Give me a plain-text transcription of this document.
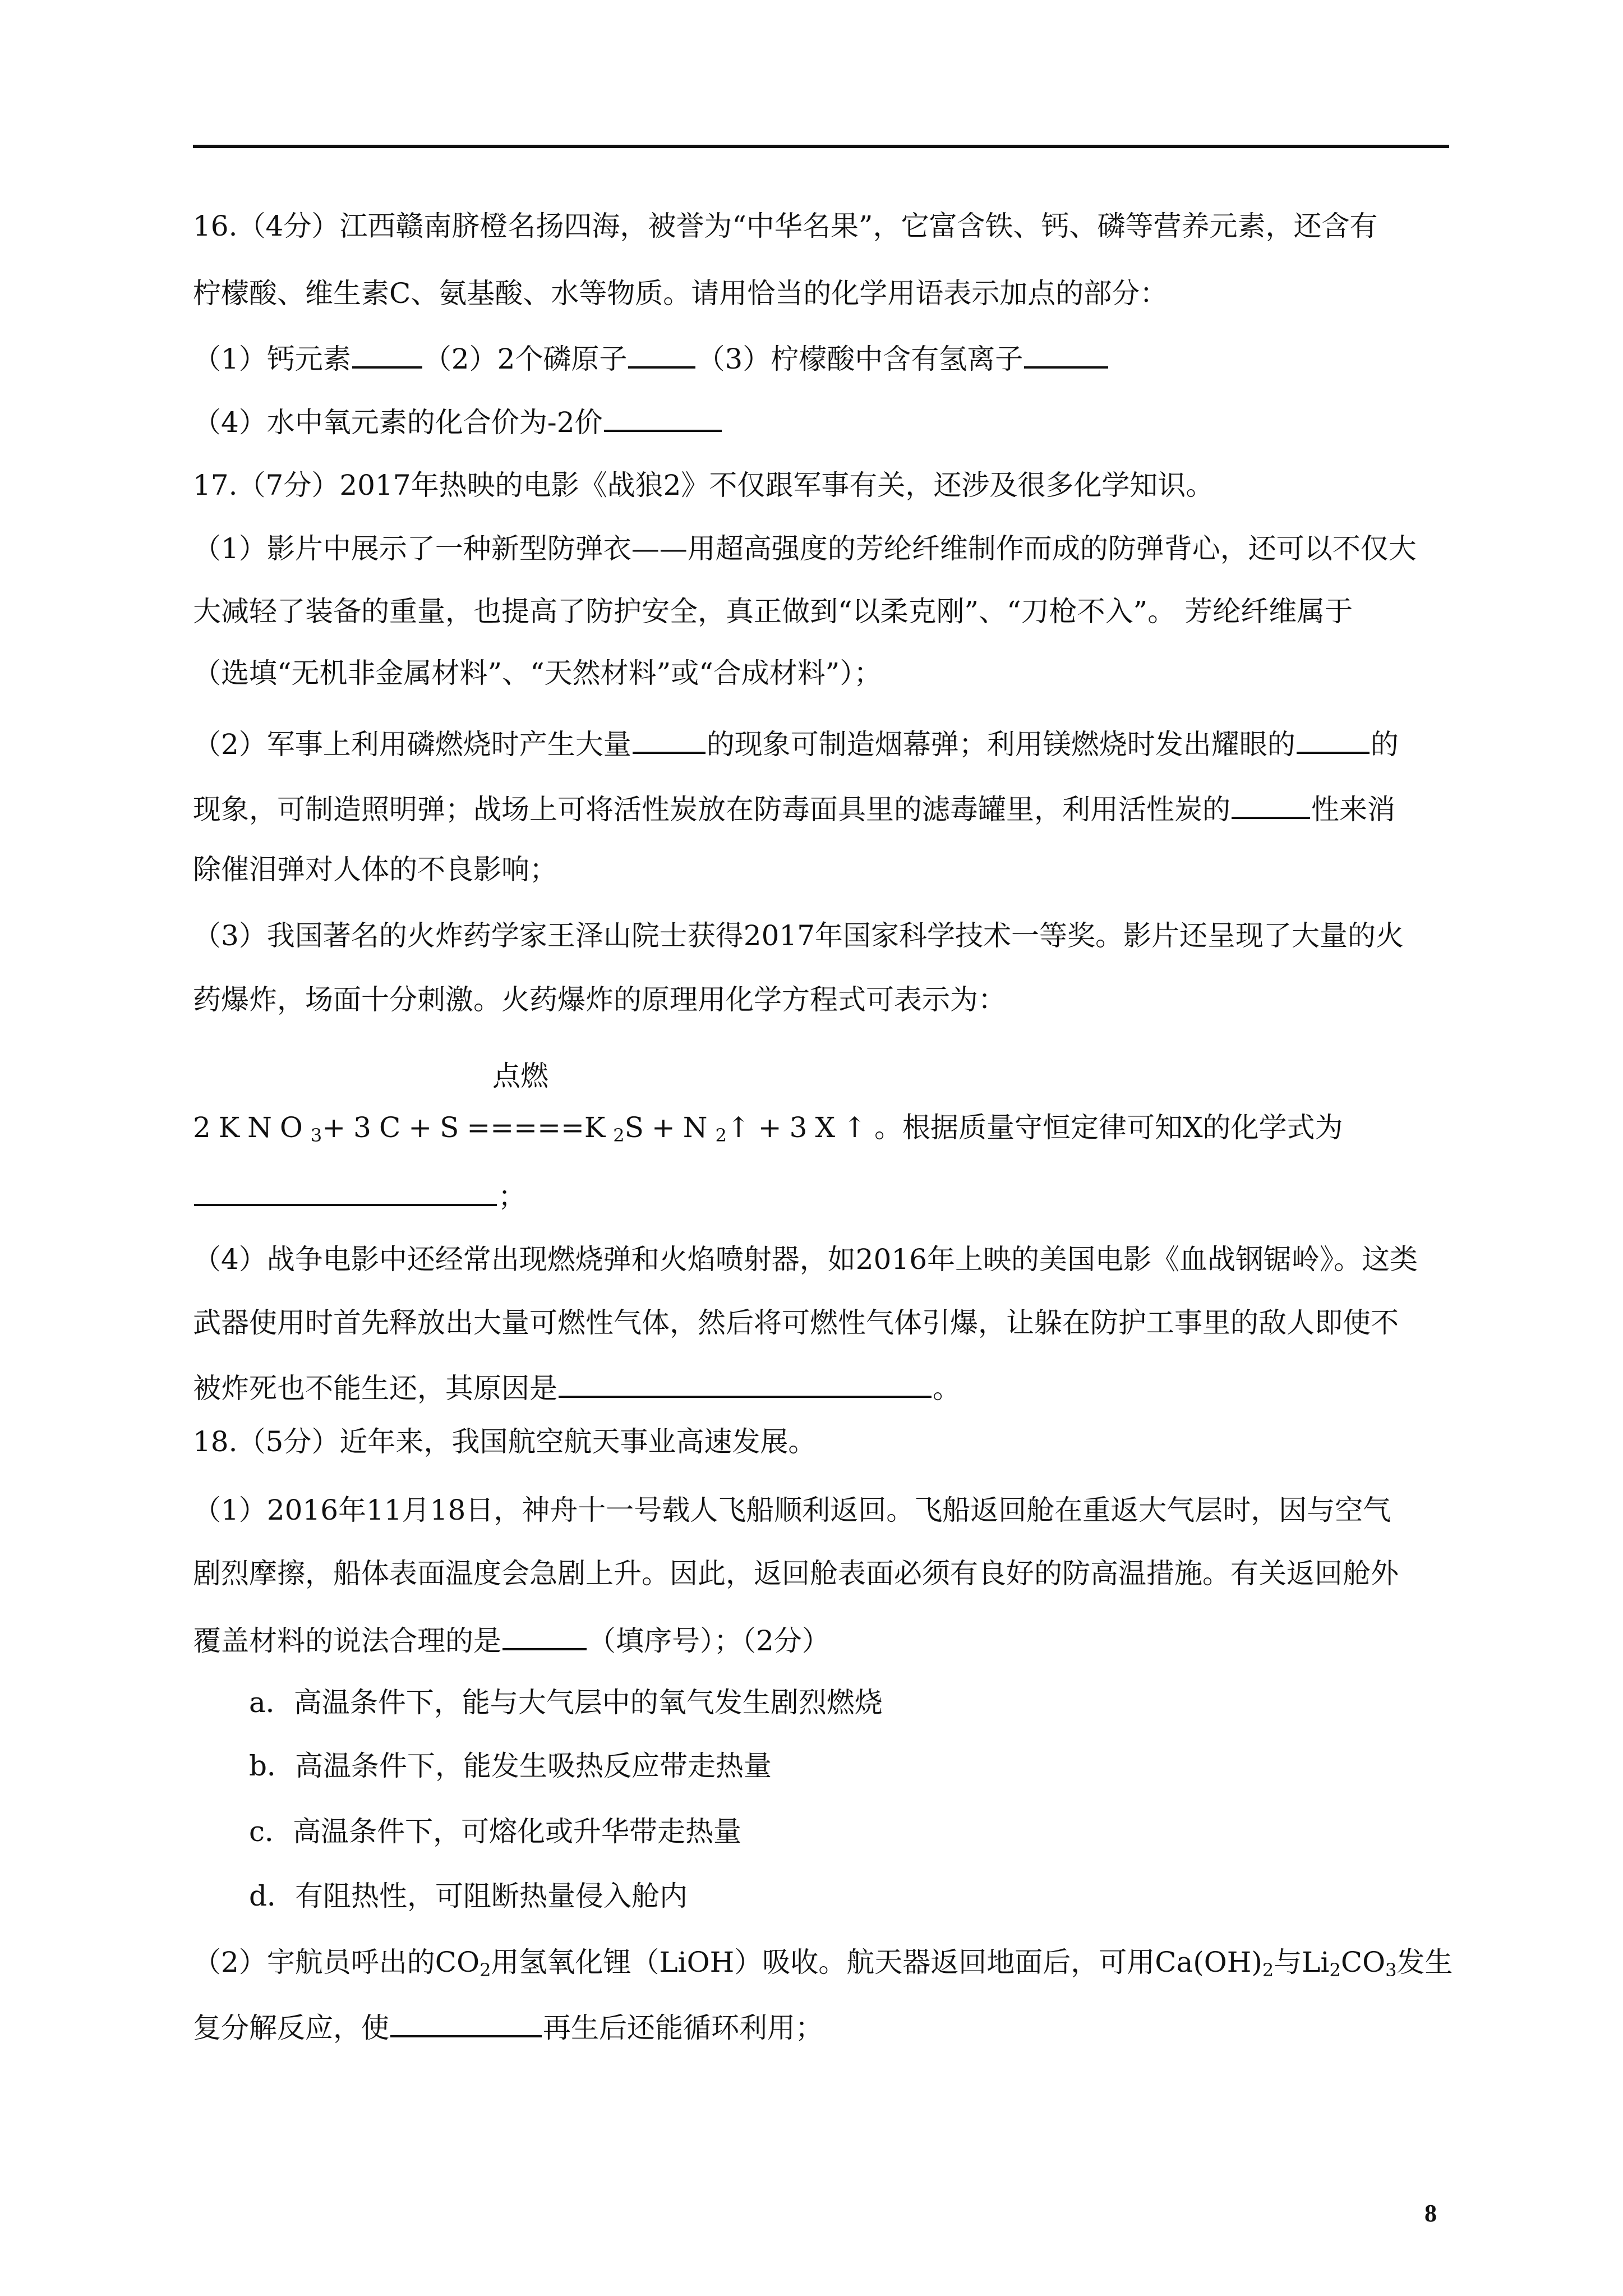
16.（4分）江西赣南脐橙名扬四海，被誉为“中华名果”，它富含铁、钙、磷等营养元素，还含有
柠檬酸、维生素C、氨基酸、水等物质。请用恰当的化学用语表示加点的部分：
（1）钙元素	（2）2个磷原子 （3）柠檬酸中含有氢离子
（4）水中氧元素的化合价为-2价
17.（7分）2017年热映的电影《战狼2》不仅跟军事有关，还涉及很多化学知识。
（1）影片中展示了一种新型防弹衣——用超高强度的芳纶纤维制作而成的防弹背心，还可以不仅大
大减轻了装备的重量，也提高了防护安全，真正做到“以柔克刚”、“刀枪不入”。 芳纶纤维属于
（选填“无机非金属材料”、“天然材料”或“合成材料”）；
（2）军事上利用磷燃烧时产生大量	的现象可制造烟幕弹；利用镁燃烧时发出耀眼的	的
现象，可制造照明弹；战场上可将活性炭放在防毒面具里的滤毒罐里，利用活性炭的	性来消
除催泪弹对人体的不良影响；
（3）我国著名的火炸药学家王泽山院士获得2017年国家科学技术一等奖。影片还呈现了大量的火
药爆炸，场面十分刺激。火药爆炸的原理用化学方程式可表示为：
点燃
$2KNO_3+3C+S=====K_2S+N_2↑+3X↑$。根据质量守恒定律可知X的化学式为
；
（4）战争电影中还经常出现燃烧弹和火焰喷射器，如2016年上映的美国电影《血战钢锯岭》。这类
武器使用时首先释放出大量可燃性气体，然后将可燃性气体引爆，让躲在防护工事里的敌人即使不
被炸死也不能生还，其原因是	。
18.（5分）近年来，我国航空航天事业高速发展。
（1）2016年11月18日，神舟十一号载人飞船顺利返回。飞船返回舱在重返大气层时，因与空气
剧烈摩擦，船体表面温度会急剧上升。因此，返回舱表面必须有良好的防高温措施。有关返回舱外
覆盖材料的说法合理的是	（填序号）；（2分）
a．高温条件下，能与大气层中的氧气发生剧烈燃烧
b．高温条件下，能发生吸热反应带走热量
c．高温条件下，可熔化或升华带走热量
d．有阻热性，可阻断热量侵入舱内
（2）宇航员呼出的$CO_2$用氢氧化锂（LiOH）吸收。航天器返回地面后，可用$Ca(OH)_2$与$Li_2CO_3$发生
复分解反应，使	再生后还能循环利用；
8
